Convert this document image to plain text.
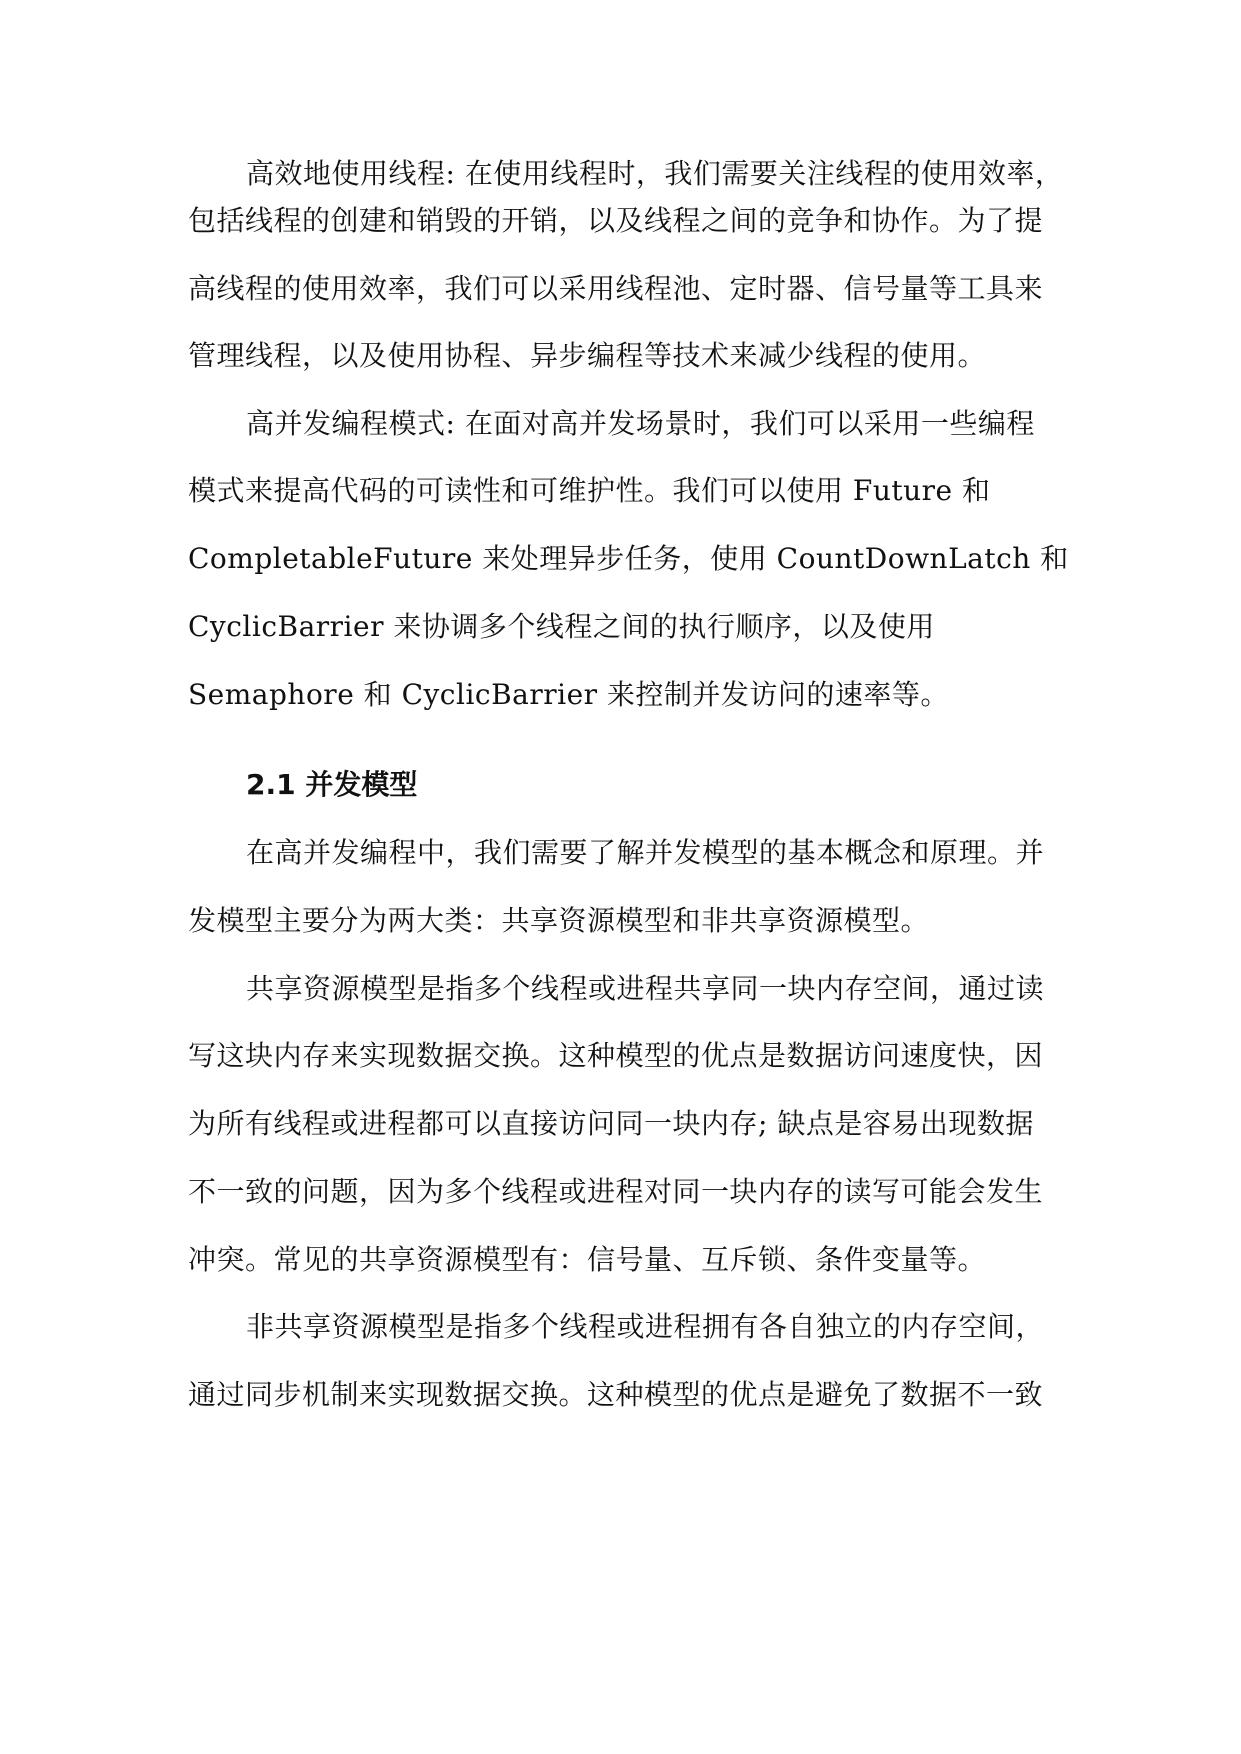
高效地使用线程: 在使用线程时，我们需要关注线程的使用效率，
包括线程的创建和销毁的开销，以及线程之间的竞争和协作。为了提
高线程的使用效率，我们可以采用线程池、定时器、信号量等工具来
管理线程，以及使用协程、异步编程等技术来减少线程的使用。
高并发编程模式: 在面对高并发场景时，我们可以采用一些编程
模式来提高代码的可读性和可维护性。我们可以使用 Future 和
CompletableFuture 来处理异步任务，使用 CountDownLatch 和
CyclicBarrier 来协调多个线程之间的执行顺序，以及使用
Semaphore 和 CyclicBarrier 来控制并发访问的速率等。
2.1 并发模型
在高并发编程中，我们需要了解并发模型的基本概念和原理。并
发模型主要分为两大类：共享资源模型和非共享资源模型。
共享资源模型是指多个线程或进程共享同一块内存空间，通过读
写这块内存来实现数据交换。这种模型的优点是数据访问速度快，因
为所有线程或进程都可以直接访问同一块内存; 缺点是容易出现数据
不一致的问题，因为多个线程或进程对同一块内存的读写可能会发生
冲突。常见的共享资源模型有：信号量、互斥锁、条件变量等。
非共享资源模型是指多个线程或进程拥有各自独立的内存空间，
通过同步机制来实现数据交换。这种模型的优点是避免了数据不一致
